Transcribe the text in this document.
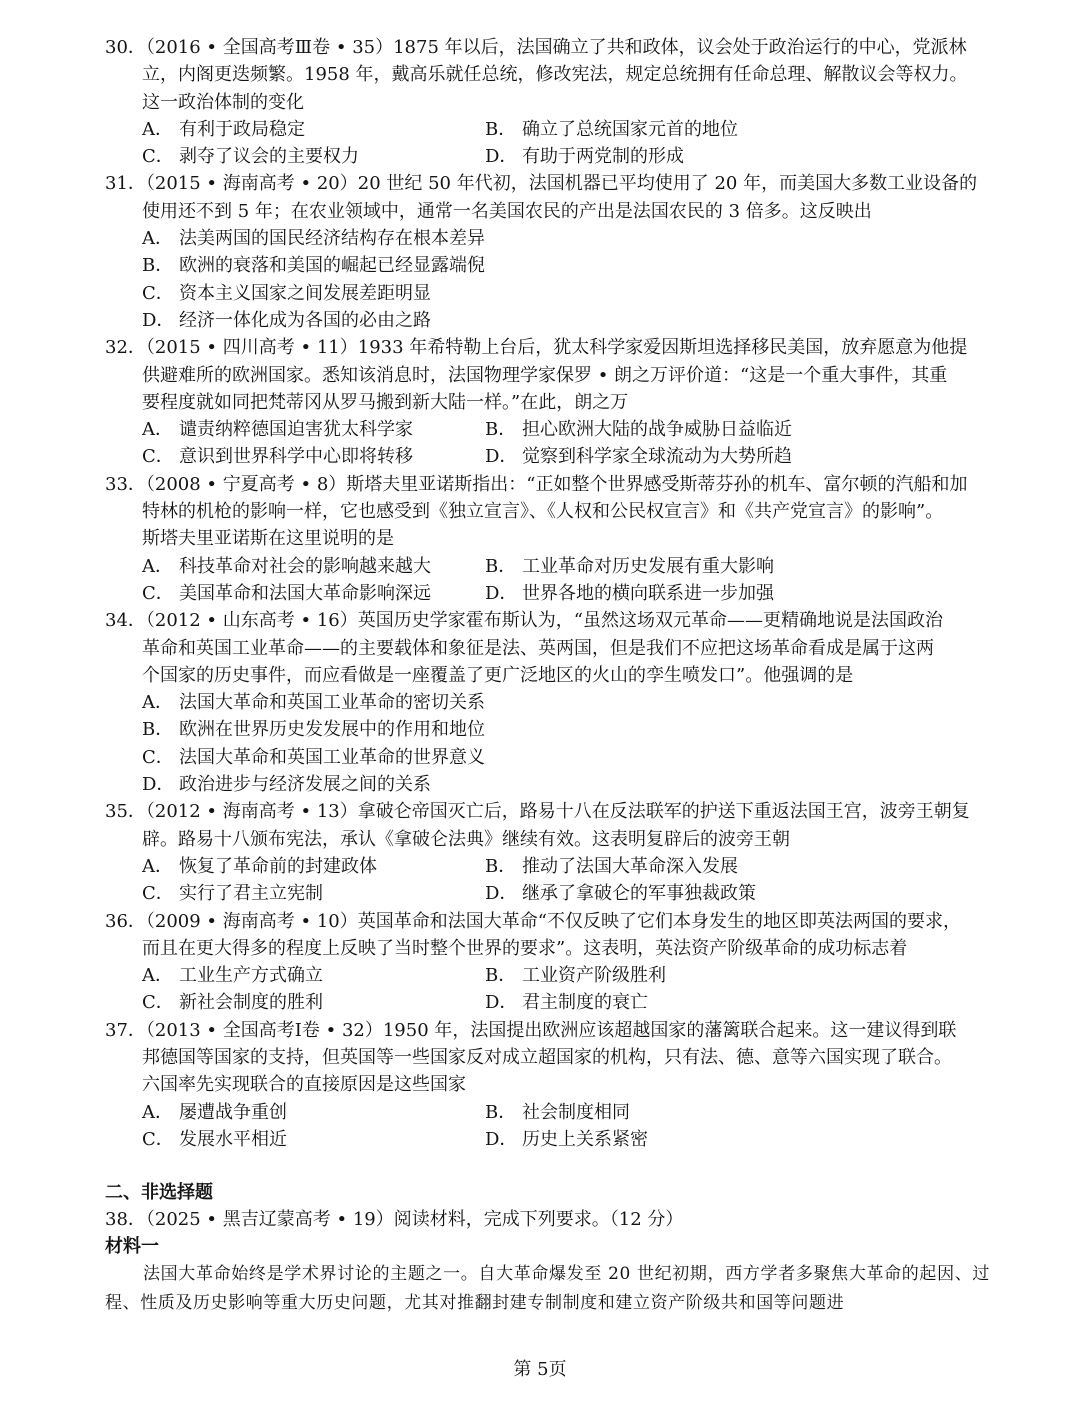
30．（2016 • 全国高考Ⅲ卷 • 35）1875 年以后，法国确立了共和政体，议会处于政治运行的中心，党派林
立，内阁更迭频繁。1958 年，戴高乐就任总统，修改宪法，规定总统拥有任命总理、解散议会等权力。
这一政治体制的变化
A． 有利于政局稳定	B． 确立了总统国家元首的地位
C． 剥夺了议会的主要权力	D． 有助于两党制的形成
31．（2015 • 海南高考 • 20）20 世纪 50 年代初，法国机器已平均使用了 20 年，而美国大多数工业设备的
使用还不到 5 年；在农业领域中，通常一名美国农民的产出是法国农民的 3 倍多。这反映出
A． 法美两国的国民经济结构存在根本差异
B． 欧洲的衰落和美国的崛起已经显露端倪
C． 资本主义国家之间发展差距明显
D． 经济一体化成为各国的必由之路
32．（2015 • 四川高考 • 11）1933 年希特勒上台后，犹太科学家爱因斯坦选择移民美国，放弃愿意为他提
供避难所的欧洲国家。悉知该消息时，法国物理学家保罗 • 朗之万评价道：“这是一个重大事件，其重
要程度就如同把梵蒂冈从罗马搬到新大陆一样。”在此，朗之万
A． 谴责纳粹德国迫害犹太科学家	B． 担心欧洲大陆的战争威胁日益临近
C． 意识到世界科学中心即将转移	D． 觉察到科学家全球流动为大势所趋
33．（2008 • 宁夏高考 • 8）斯塔夫里亚诺斯指出：“正如整个世界感受斯蒂芬孙的机车、富尔顿的汽船和加
特林的机枪的影响一样，它也感受到《独立宣言》、《人权和公民权宣言》和《共产党宣言》的影响”。
斯塔夫里亚诺斯在这里说明的是
A． 科技革命对社会的影响越来越大	B． 工业革命对历史发展有重大影响
C． 美国革命和法国大革命影响深远	D． 世界各地的横向联系进一步加强
34．（2012 • 山东高考 • 16）英国历史学家霍布斯认为，“虽然这场双元革命——更精确地说是法国政治
革命和英国工业革命——的主要载体和象征是法、英两国，但是我们不应把这场革命看成是属于这两
个国家的历史事件，而应看做是一座覆盖了更广泛地区的火山的孪生喷发口”。他强调的是
A． 法国大革命和英国工业革命的密切关系
B． 欧洲在世界历史发发展中的作用和地位
C． 法国大革命和英国工业革命的世界意义
D． 政治进步与经济发展之间的关系
35．（2012 • 海南高考 • 13）拿破仑帝国灭亡后，路易十八在反法联军的护送下重返法国王宫，波旁王朝复
辟。路易十八颁布宪法，承认《拿破仑法典》继续有效。这表明复辟后的波旁王朝
A． 恢复了革命前的封建政体	B． 推动了法国大革命深入发展
C． 实行了君主立宪制	D． 继承了拿破仑的军事独裁政策
36．（2009 • 海南高考 • 10）英国革命和法国大革命“不仅反映了它们本身发生的地区即英法两国的要求，
而且在更大得多的程度上反映了当时整个世界的要求”。这表明，英法资产阶级革命的成功标志着
A． 工业生产方式确立	B． 工业资产阶级胜利
C． 新社会制度的胜利	D． 君主制度的衰亡
37．（2013 • 全国高考Ⅰ卷 • 32）1950 年，法国提出欧洲应该超越国家的藩篱联合起来。这一建议得到联
邦德国等国家的支持，但英国等一些国家反对成立超国家的机构，只有法、德、意等六国实现了联合。
六国率先实现联合的直接原因是这些国家
A． 屡遭战争重创	B． 社会制度相同
C． 发展水平相近	D． 历史上关系紧密
二、非选择题
38．（2025 • 黑吉辽蒙高考 • 19）阅读材料，完成下列要求。（12 分）
材料一
法国大革命始终是学术界讨论的主题之一。自大革命爆发至 20 世纪初期，西方学者多聚焦大革命的起因、过程、性质及历史影响等重大历史问题，尤其对推翻封建专制制度和建立资产阶级共和国等问题进
第 5页
